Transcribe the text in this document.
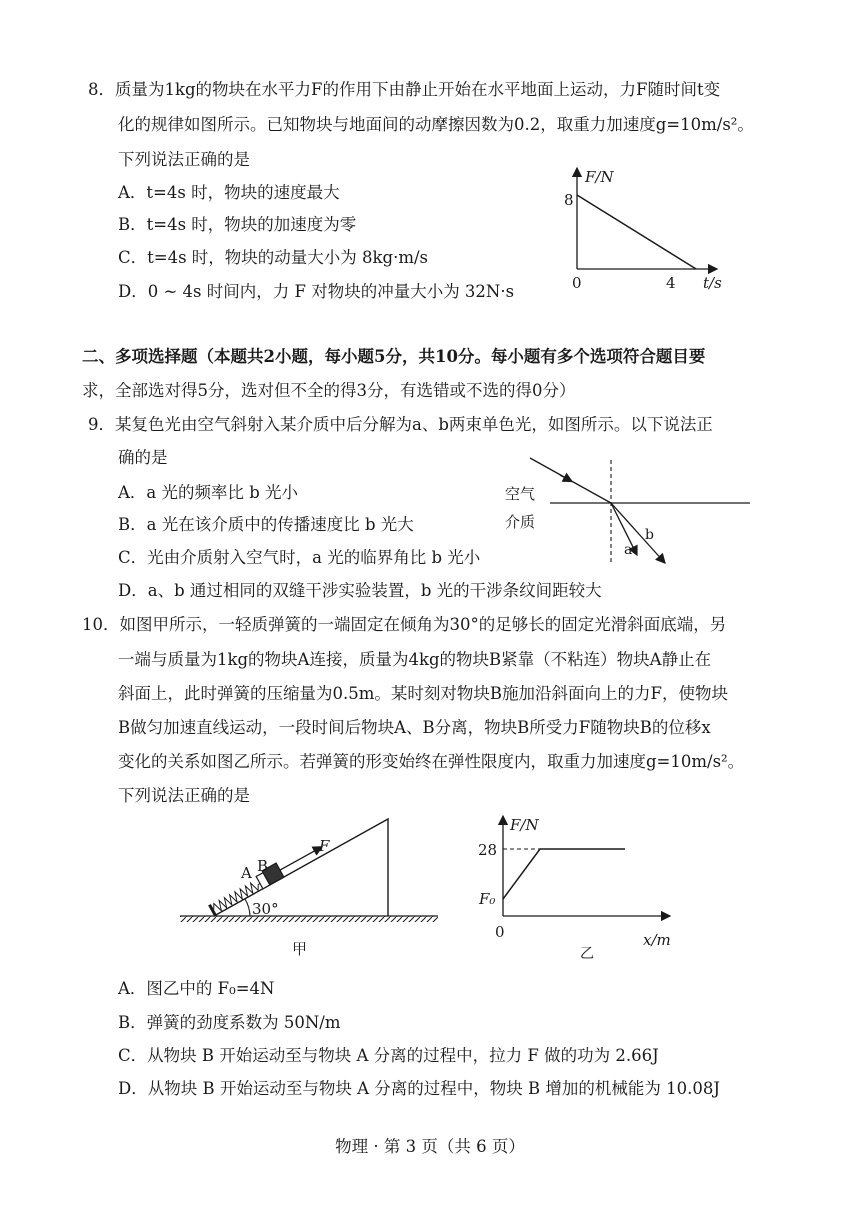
8．质量为1kg的物块在水平力F的作用下由静止开始在水平地面上运动，力F随时间t变
化的规律如图所示。已知物块与地面间的动摩擦因数为0.2，取重力加速度g=10m/s²。
下列说法正确的是
A．t=4s 时，物块的速度最大
B．t=4s 时，物块的加速度为零
C．t=4s 时，物块的动量大小为 8kg·m/s
D．0 ~ 4s 时间内，力 F 对物块的冲量大小为 32N·s
F/N
8
0	4 t/s
二、多项选择题（本题共2小题，每小题5分，共10分。每小题有多个选项符合题目要
求，全部选对得5分，选对但不全的得3分，有选错或不选的得0分）
9．某复色光由空气斜射入某介质中后分解为a、b两束单色光，如图所示。以下说法正
确的是
A．a 光的频率比 b 光小
B．a 光在该介质中的传播速度比 b 光大
C．光由介质射入空气时，a 光的临界角比 b 光小
D．a、b 通过相同的双缝干涉实验装置，b 光的干涉条纹间距较大
空气
介质
a
b
10．如图甲所示，一轻质弹簧的一端固定在倾角为30°的足够长的固定光滑斜面底端，另
一端与质量为1kg的物块A连接，质量为4kg的物块B紧靠（不粘连）物块A静止在
斜面上，此时弹簧的压缩量为0.5m。某时刻对物块B施加沿斜面向上的力F，使物块
B做匀加速直线运动，一段时间后物块A、B分离，物块B所受力F随物块B的位移x
变化的关系如图乙所示。若弹簧的形变始终在弹性限度内，取重力加速度g=10m/s²。
下列说法正确的是
30°
A B
F
甲
F/N
28
F₀
0	x/m
乙
A．图乙中的 F₀=4N
B．弹簧的劲度系数为 50N/m
C．从物块 B 开始运动至与物块 A 分离的过程中，拉力 F 做的功为 2.66J
D．从物块 B 开始运动至与物块 A 分离的过程中，物块 B 增加的机械能为 10.08J
物理 · 第 3 页（共 6 页）
